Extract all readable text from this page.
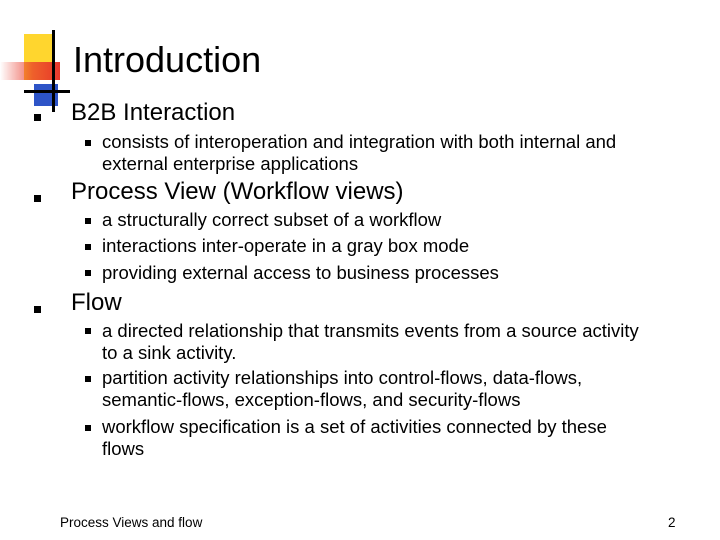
Introduction

B2B Interaction

consists of interoperation and integration with both internal and

external enterprise applications

Process View (Workflow views)

a structurally correct subset of a workflow

interactions inter-operate in a gray box mode

providing external access to business processes

Flow

a directed relationship that transmits events from a source activity

to a sink activity.

partition activity relationships into control-flows, data-flows,

semantic-flows, exception-flows, and security-flows

workflow specification is a set of activities connected by these

flows

Process Views and flow	2
